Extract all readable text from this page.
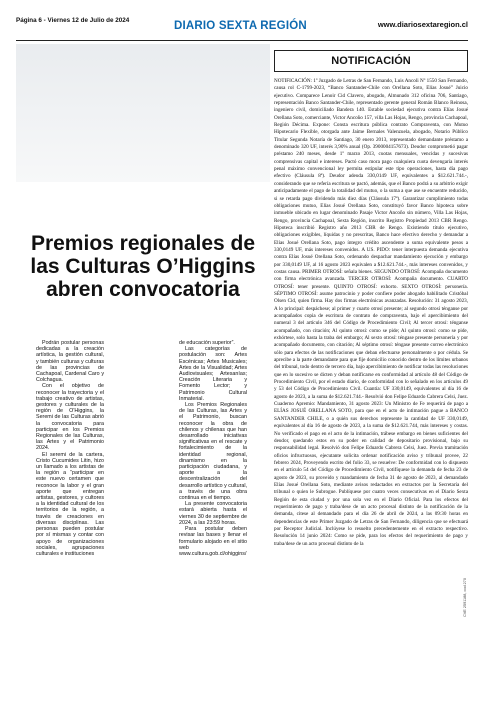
Página 6 - Viernes 12 de Julio de 2024	DIARIO SEXTA REGIÓN	www.diariosextaregion.cl
Premios regionales de las Culturas O’Higgins abren convocatoria

Podrán postular personas dedicadas a la creación artística, la gestión cultural, y también culturas y culturas de las provincias de Cachapoal, Cardenal Caro y Colchagua.

Con el objetivo de reconocer la trayectoria y el trabajo creativo de artistas, gestores y culturales de la región de O'Higgins, la Seremi de las Culturas abrió la convocatoria para participar en los Premios Regionales de las Culturas, las Artes y el Patrimonio 2024.

El seremi de la cartera, Cristo Cucumides Litin, hizo un llamado a los artistas de la región a “participar en este nuevo certamen que reconoce la labor y el gran aporte que entregan artistas, gestores, y cultores a la identidad cultural de los territorios de la región, a través de creaciones en diversas disciplinas. Las personas pueden postular por sí mismas y contar con apoyo de organizaciones sociales, agrupaciones culturales e instituciones

de educación superior”.

Las categorías de postulación son: Artes Escénicas; Artes Musicales; Artes de la Visualidad; Artes Audiovisuales; Artesanías; Creación Literaria y Fomento Lector; y Patrimonio Cultural Inmaterial.

Los Premios Regionales de las Culturas, las Artes y el Patrimonio, buscan reconocer la obra de chilenos y chilenas que han desarrollado iniciativas significativas en el rescate y fortalecimiento de la identidad regional, dinamismo en la participación ciudadana, y aporte a la descentralización del desarrollo artístico y cultural, a través de una obra continua en el tiempo.

La presente convocatoria estará abierta hasta el viernes 30 de septiembre de 2024, a las 23:59 horas.

Para postular deben revisar las bases y llenar el formulario alojado en el sitio web www.cultura.gob.cl/ohiggins/

NOTIFICACIÓN
NOTIFICACIÓN: 1º Juzgado de Letras de San Fernando, Luis Ancoli Nº 1550 San Fernando, causa rol C-1799-2023, “Banco Santander-Chile con Orellana Soto, Elías Josué” Juicio ejecutivo. Comparece Lenoir Cid Clavero, abogado, Almunado 312 oficina 706, Santiago, representación Banco Santander-Chile, representado gerente general Román Blanco Reinosa, ingeniero civil, domiciliado Bandera 140. Estable sociedad ejecutiva contra Elías Josué Orellana Soto, comerciante, Victor Ancoño 157, villa Las Hojas, Rengo, provincia Cachapoal, Región Décima. Expone: Consta escritura pública contrato Compraventa, con Mutuo Hipotecario Flexible, otorgada ante Jaime Bernales Valenzuela, abogado, Notario Público Titular Segunda Notaría de Santiago, 30 enero 2013, representado demandante préstamo a denominado 320 UF, interés 3,90% anual (Op. 3900004157673). Deudor comprometió pagar préstamo 240 meses, desde 1º marzo 2013, cuotas mensuales, vencidas y sucesivas comprensivas capital e intereses. Pactó caso mora pago cualquiera cuota devengaría interés penal máximo convencional ley permita estipular este tipo operaciones, hasta día pago efectivo (Cláusula 8ª). Deudor adeuda 330,0149 UF, equivalentes a $12.621.744.-, considerando que se refería escritura se pactó, además, que el Banco podrá a su arbitrio exigir anticipadamente el pago de la totalidad del mutuo, o la suma a que ase se encuentre reducido, si se retarda pago dividendo más diez días (Cláusula 17ª). Garantizar cumplimiento todas obligaciones mutuo, Elías Josué Orellana Soto, constituyó favor Banco hipoteca sobre inmueble ubicado en lugar denominado Pasaje Victor Ancoño sin número, Villa Las Hojas, Rengo, provincia Cachapoal, Sexta Región, inscrito Registro Propiedad 2013 CBR Rengo. Hipoteca inscribió Registro año 2013 CBR de Rengo. Existiendo título ejecutivo, obligaciones exigibles, líquidas y no prescritas, Banco hace efectivo derecho y demandar a Elías Josué Orellana Soto, pago íntegro crédito ascendente a suma equivalente pesos a 330,0149 UF, más intereses convenidos. A US. PIDO: tener interpuesta demanda ejecutiva contra Elías Josué Orellana Soto, ordenando despachar mandamiento ejecución y embargo por 330,0149 UF, al 16 agosto 2023 equivalen a $12.621.744.-, más intereses convenidos, y costas causa. PRIMER OTROSÍ: señala bienes. SEGUNDO OTROSÍ: Acompaña documento con firma electrónica avanzada. TERCER OTROSÍ: Acompaña documento. CUARTO OTROSÍ: tener presente. QUINTO OTROSÍ: exhorto. SEXTO OTROSÍ: personería. SÉPTIMO OTROSÍ: asume patrocinio y poder confiere poder abogado habilitado Cristóbal Olsen Cid, quien firma. Hay dos firmas electrónicas avanzadas. Resolución: 31 agosto 2023, A lo principal: despáchese; al primer y cuarto otrosí presente; al segundo otrosí ténganse por acompañados copia de escritura de contrato de compraventa, bajo el apercibimiento del numeral 3 del artículo 346 del Código de Procedimiento Civil; Al tercer otrosí: ténganse acompañado, con citación; Al quinto otrosí: como se pide; Al quinto otrosí: como se pide, exhórtese, solo hasta la traba del embargo; Al sexto otrosí: téngase presente personería y por acompañado documento, con citación; Al séptimo otrosí: téngase presente correo electrónico sólo para efectos de las notificaciones que deban efectuarse personalmente o por cédula. Se aprecibe a la parte demandante para que fije domicilio conocido dentro de los límites urbanos del tribunal, todo dentro de tercero día, bajo apercibimiento de notificar todas las resoluciones que en lo sucesivo se dicten y deban notificarse en conformidad al artículo 48 del Código de Procedimiento Civil, por el estado diario, de conformidad con lo señalado en los artículos 49 y 53 del Código de Procedimiento Civil. Cuantía: UF 330,0149, equivalentes al día 16 de agosto de 2023, a la suma de $12.621.744.- Resolvió don Felipe Eduardo Cabrera Celsi, Juez. Cuaderno Apremio: Mandamiento, 31 agosto 2023: Un Ministro de Fe requerirá de pago a ELÍAS JOSUÉ ORELLANA SOTO, para que en el acto de intimación pague a BANCO SANTANDER CHILE, o a quién sus derechos represente la cantidad de UF 330,0149, equivalentes al día 16 de agosto de 2023, a la suma de $12.621.744, más intereses y costas. No verificado el pago en el acto de la intimación, trábese embargo en bienes suficientes del deudor, quedando estos en su poder en calidad de depositario provisional, bajo su responsabilidad legal. Resolvió don Felipe Eduardo Cabrera Celsi, Juez. Previa tramitación oficios infructuosos, ejecutante solicita ordenar notificación aviso y tribunal provee, 22 febrero 2024, Proveyendo escrito del folio 33, se resuelve: De conformidad con lo dispuesto en el artículo 54 del Código de Procedimiento Civil, notifíquese la demanda de fecha 23 de agosto de 2023, su proveído y mandamiento de fecha 31 de agosto de 2023, al demandado Elías Josué Orellana Soto, mediante avisos redactados en extractos por la Secretaría del tribunal o quien le Subrogue. Publíquese por cuatro veces consecutivas en el Diario Sexta Región de esta ciudad y por una sola vez en el Diario Oficial. Para los efectos del requerimiento de pago y traba/dese de un acto procesal distinto de la notificación de la demanda, citese al demandado para el día 26 de abril de 2024, a las 09:30 horas en dependencias de este Primer Juzgado de Letras de San Fernando, diligencia que se efectuará por Receptor Judicial. Inclúyese lo resuelto precedentemente en el extracto respectivo. Resolución 14 junio 2024: Como se pide, para los efectos del requerimiento de pago y traba/dese de un acto procesal distinto de la
CVE 2591188, cod 270
